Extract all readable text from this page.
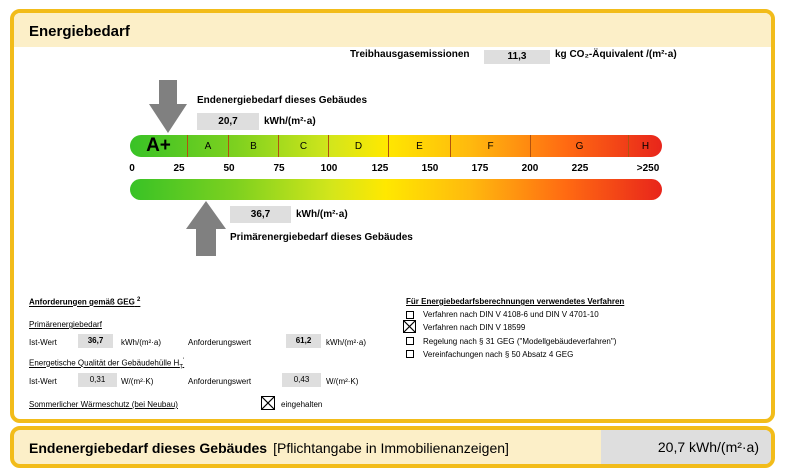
Energiebedarf
Treibhausgasemissionen	11,3	kg CO₂-Äquivalent /(m²·a)
Endenergiebedarf dieses Gebäudes
20,7	kWh/(m²·a)
A+	A	B	C	D	E	F	G	H
0	25	50	75	100	125	150	175	200	225	>250
36,7	kWh/(m²·a)
Primärenergiebedarf dieses Gebäudes
Anforderungen gemäß GEG $^2$
Primärenergiebedarf
Ist-Wert	36,7	kWh/(m²·a)	Anforderungswert	61,2	kWh/(m²·a)
Energetische Qualität der Gebäudehülle $H_T'$
Ist-Wert	0,31	W/(m²·K)	Anforderungswert	0,43	W/(m²·K)
Sommerlicher Wärmeschutz (bei Neubau)	eingehalten
Für Energiebedarfsberechnungen verwendetes Verfahren
Verfahren nach DIN V 4108-6 und DIN V 4701-10
Verfahren nach DIN V 18599
Regelung nach § 31 GEG ("Modellgebäudeverfahren")
Vereinfachungen nach § 50 Absatz 4 GEG
Endenergiebedarf dieses Gebäudes [Pflichtangabe in Immobilienanzeigen]	20,7 kWh/(m²·a)
